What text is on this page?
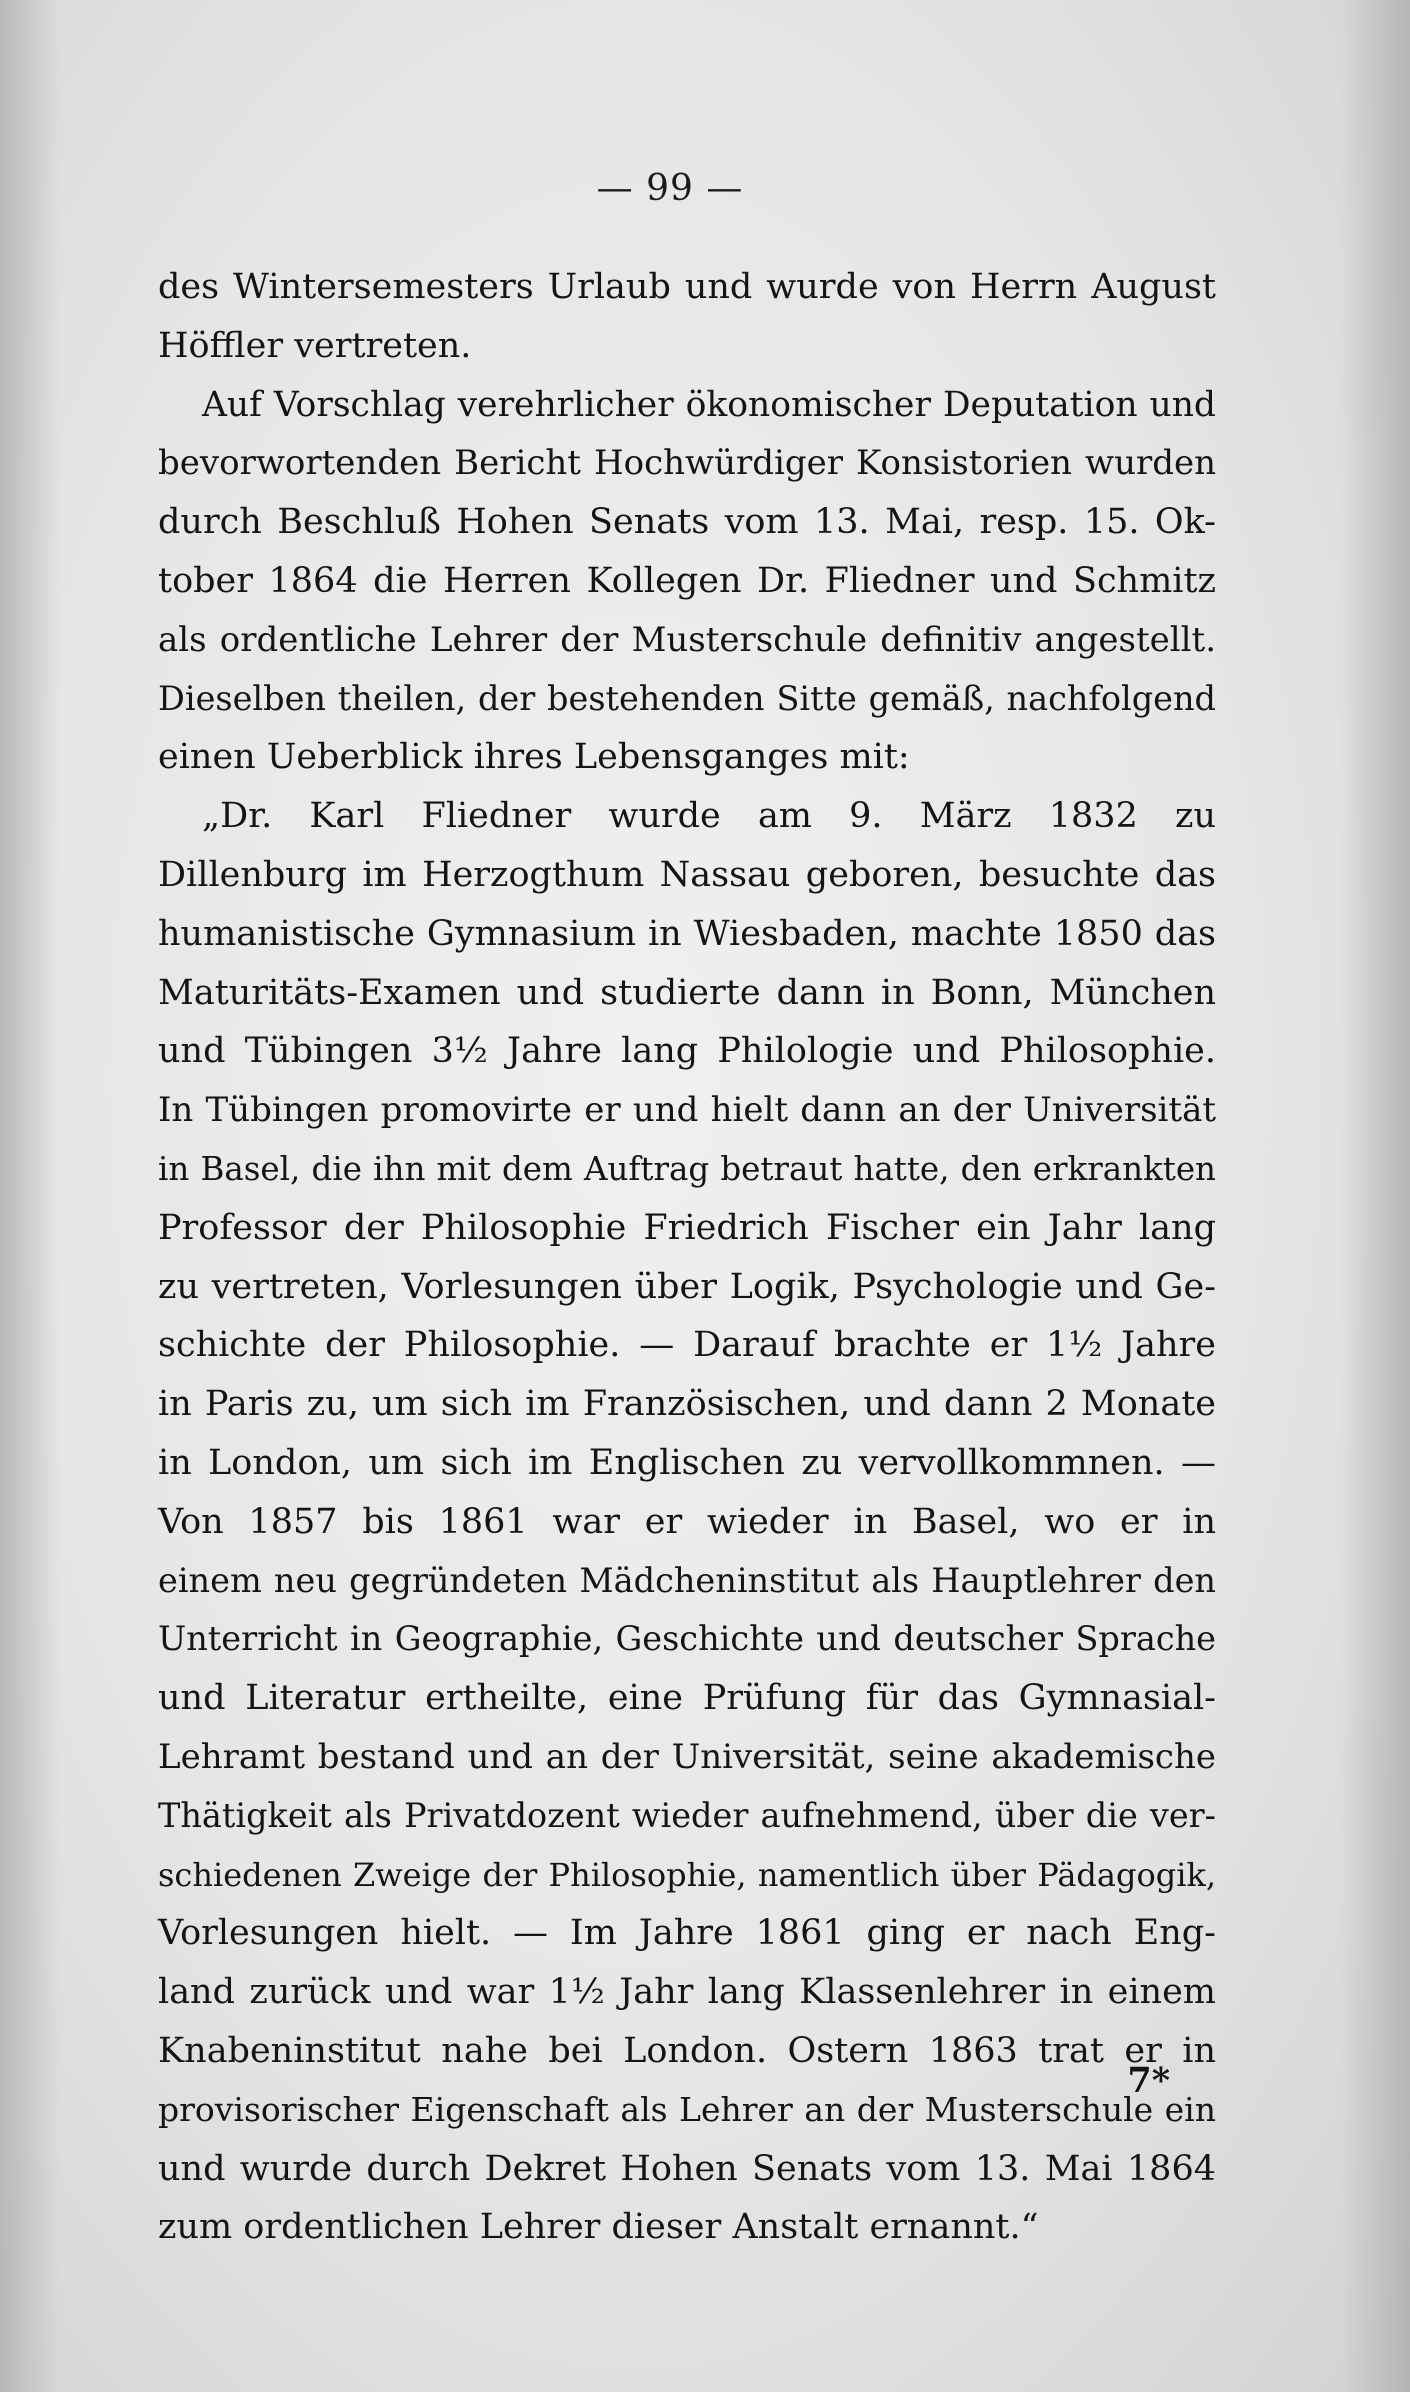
— 99 —
des Wintersemesters Urlaub und wurde von Herrn August
Höffler vertreten.
Auf Vorschlag verehrlicher ökonomischer Deputation und
bevorwortenden Bericht Hochwürdiger Konsistorien wurden
durch Beschluß Hohen Senats vom 13. Mai, resp. 15. Ok-
tober 1864 die Herren Kollegen Dr. Fliedner und Schmitz
als ordentliche Lehrer der Musterschule definitiv angestellt.
Dieselben theilen, der bestehenden Sitte gemäß, nachfolgend
einen Ueberblick ihres Lebensganges mit:
„Dr. Karl Fliedner wurde am 9. März 1832 zu
Dillenburg im Herzogthum Nassau geboren, besuchte das
humanistische Gymnasium in Wiesbaden, machte 1850 das
Maturitäts-Examen und studierte dann in Bonn, München
und Tübingen 3½ Jahre lang Philologie und Philosophie.
In Tübingen promovirte er und hielt dann an der Universität
in Basel, die ihn mit dem Auftrag betraut hatte, den erkrankten
Professor der Philosophie Friedrich Fischer ein Jahr lang
zu vertreten, Vorlesungen über Logik, Psychologie und Ge-
schichte der Philosophie. — Darauf brachte er 1½ Jahre
in Paris zu, um sich im Französischen, und dann 2 Monate
in London, um sich im Englischen zu vervollkommnen. —
Von 1857 bis 1861 war er wieder in Basel, wo er in
einem neu gegründeten Mädcheninstitut als Hauptlehrer den
Unterricht in Geographie, Geschichte und deutscher Sprache
und Literatur ertheilte, eine Prüfung für das Gymnasial-
Lehramt bestand und an der Universität, seine akademische
Thätigkeit als Privatdozent wieder aufnehmend, über die ver-
schiedenen Zweige der Philosophie, namentlich über Pädagogik,
Vorlesungen hielt. — Im Jahre 1861 ging er nach Eng-
land zurück und war 1½ Jahr lang Klassenlehrer in einem
Knabeninstitut nahe bei London. Ostern 1863 trat er in
provisorischer Eigenschaft als Lehrer an der Musterschule ein
und wurde durch Dekret Hohen Senats vom 13. Mai 1864
zum ordentlichen Lehrer dieser Anstalt ernannt.“
7*
